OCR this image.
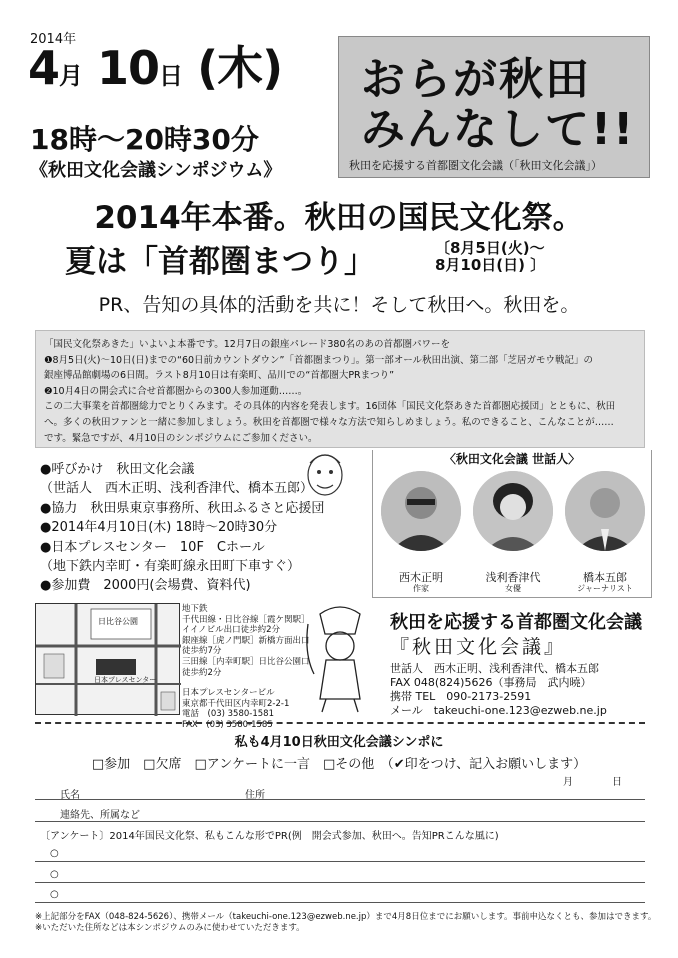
2014年
4月 10日 (木)
18時～20時30分
《秋田文化会議シンポジウム》
おらが秋田
みんなして!!
秋田を応援する首都圏文化会議（「秋田文化会議」）
2014年本番。秋田の国民文化祭。
夏は「首都圏まつり」	〔8月5日(火)～
8月10日(日) 〕
PR、告知の具体的活動を共に！そして秋田へ。秋田を。
「国民文化祭あきた」いよいよ本番です。12月7日の銀座パレード380名のあの首都圏パワーを
❶8月5日(火)～10日(日)までの“60日前カウントダウン”「首都圏まつり」。第一部オール秋田出演、第二部「芝居ガモウ戦記」の
銀座博品館劇場の6日間。ラスト8月10日は有楽町、品川での“首都圏大PRまつり”
❷10月4日の開会式に合せ首都圏からの300人参加運動……。
この二大事業を首都圏総力でとりくみます。その具体的内容を発表します。16団体「国民文化祭あきた首都圏応援団」とともに、秋田
へ。多くの秋田ファンと一緒に参加しましょう。秋田を首都圏で様々な方法で知らしめましょう。私のできること、こんなことが……
です。緊急ですが、4月10日のシンポジウムにご参加ください。
●呼びかけ　秋田文化会議
（世話人　西木正明、浅利香津代、橋本五郎）
●協力　秋田県東京事務所、秋田ふるさと応援団
●2014年4月10日(木) 18時～20時30分
●日本プレスセンター　10F　Cホール
（地下鉄内幸町・有楽町線永田町下車すぐ）
●参加費　2000円(会場費、資料代)
〈秋田文化会議 世話人〉
西木正明
作家
浅利香津代
女優
橋本五郎
ジャーナリスト
日比谷公園
日本プレスセンター
地下鉄
千代田線・日比谷線［霞ケ関駅］
イイノビル出口徒歩約2分
銀座線［虎ノ門駅］新橋方面出口
徒歩約7分
三田線［内幸町駅］日比谷公園口
徒歩約2分
日本プレスセンタービル
東京都千代田区内幸町2-2-1
電話　(03) 3580-1581
FAX　(03) 3580-1585
秋田を応援する首都圏文化会議
『秋田文化会議』
世話人　西木正明、浅利香津代、橋本五郎
FAX 048(824)5626（事務局　武内曉）
携帯 TEL　090-2173-2591
メール　takeuchi-one.123@ezweb.ne.jp
私も4月10日秋田文化会議シンポに
□参加　□欠席　□アンケートに一言　□その他　（✔印をつけ、記入お願いします）
月	日
氏名	住所
連絡先、所属など
〔アンケート〕2014年国民文化祭、私もこんな形でPR(例　開会式参加、秋田へ。告知PRこんな風に)
○
○
○
※上記部分をFAX（048-824-5626）、携帯メール（takeuchi-one.123@ezweb.ne.jp）まで4月8日位までにお願いします。事前申込なくとも、参加はできます。
※いただいた住所などは本シンポジウムのみに使わせていただきます。
